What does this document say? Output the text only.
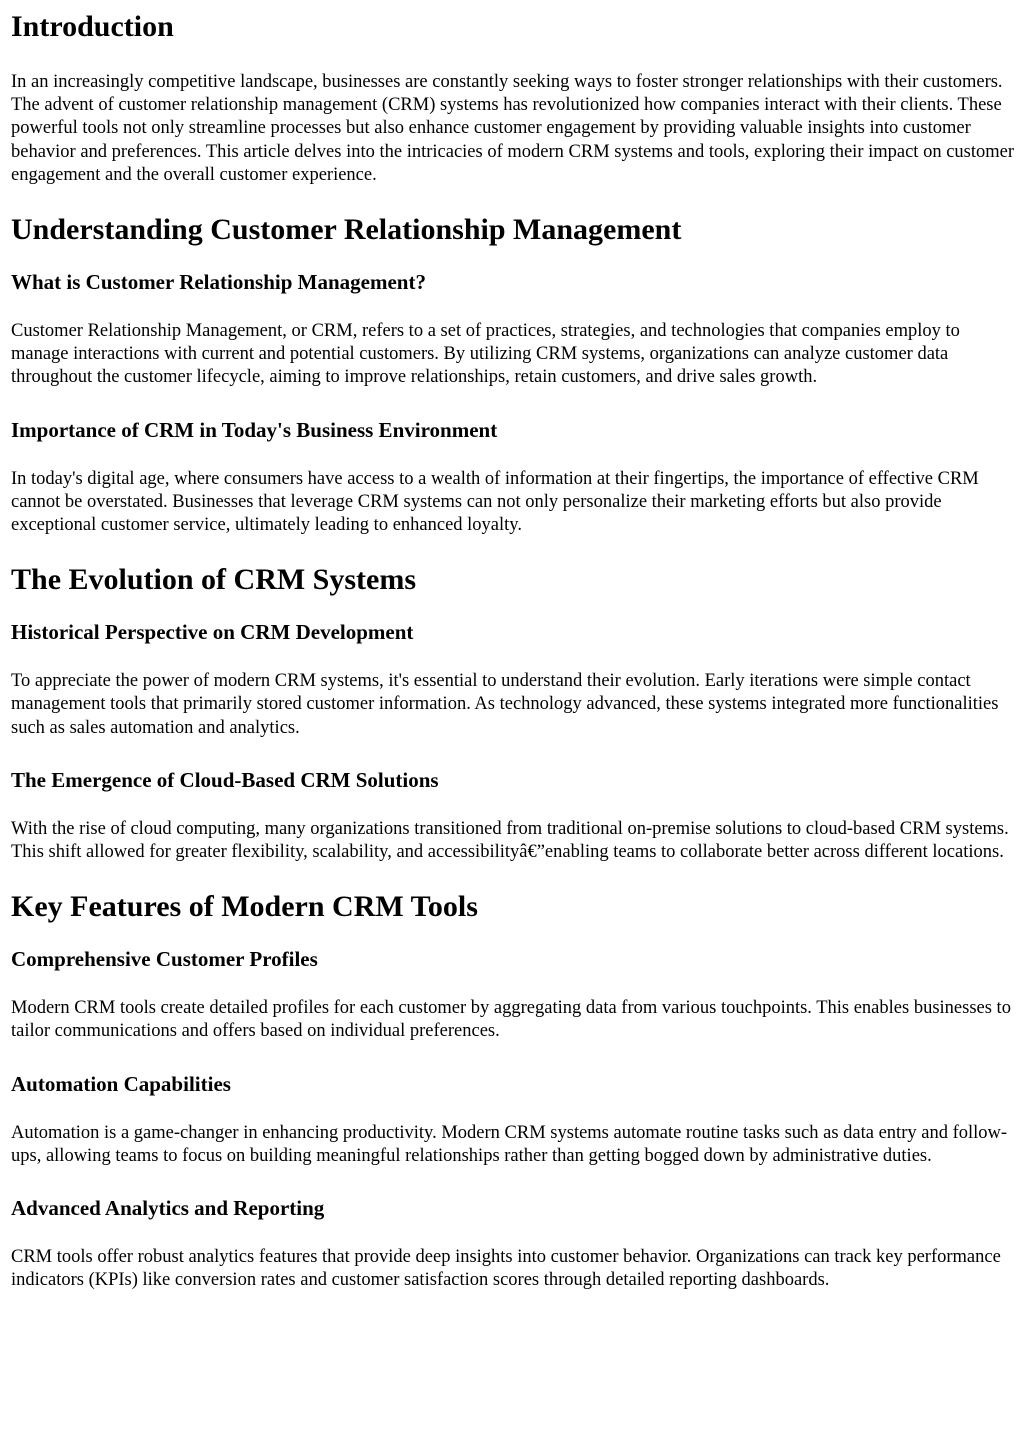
Introduction

In an increasingly competitive landscape, businesses are constantly seeking ways to foster stronger relationships with their customers. The advent of customer relationship management (CRM) systems has revolutionized how companies interact with their clients. These powerful tools not only streamline processes but also enhance customer engagement by providing valuable insights into customer behavior and preferences. This article delves into the intricacies of modern CRM systems and tools, exploring their impact on customer engagement and the overall customer experience.

Understanding Customer Relationship Management
What is Customer Relationship Management?

Customer Relationship Management, or CRM, refers to a set of practices, strategies, and technologies that companies employ to manage interactions with current and potential customers. By utilizing CRM systems, organizations can analyze customer data throughout the customer lifecycle, aiming to improve relationships, retain customers, and drive sales growth.

Importance of CRM in Today's Business Environment

In today's digital age, where consumers have access to a wealth of information at their fingertips, the importance of effective CRM cannot be overstated. Businesses that leverage CRM systems can not only personalize their marketing efforts but also provide exceptional customer service, ultimately leading to enhanced loyalty.

The Evolution of CRM Systems
Historical Perspective on CRM Development

To appreciate the power of modern CRM systems, it's essential to understand their evolution. Early iterations were simple contact management tools that primarily stored customer information. As technology advanced, these systems integrated more functionalities such as sales automation and analytics.

The Emergence of Cloud-Based CRM Solutions

With the rise of cloud computing, many organizations transitioned from traditional on-premise solutions to cloud-based CRM systems. This shift allowed for greater flexibility, scalability, and accessibilityâ€”enabling teams to collaborate better across different locations.

Key Features of Modern CRM Tools
Comprehensive Customer Profiles

Modern CRM tools create detailed profiles for each customer by aggregating data from various touchpoints. This enables businesses to tailor communications and offers based on individual preferences.

Automation Capabilities

Automation is a game-changer in enhancing productivity. Modern CRM systems automate routine tasks such as data entry and follow-ups, allowing teams to focus on building meaningful relationships rather than getting bogged down by administrative duties.

Advanced Analytics and Reporting

CRM tools offer robust analytics features that provide deep insights into customer behavior. Organizations can track key performance indicators (KPIs) like conversion rates and customer satisfaction scores through detailed reporting dashboards.
